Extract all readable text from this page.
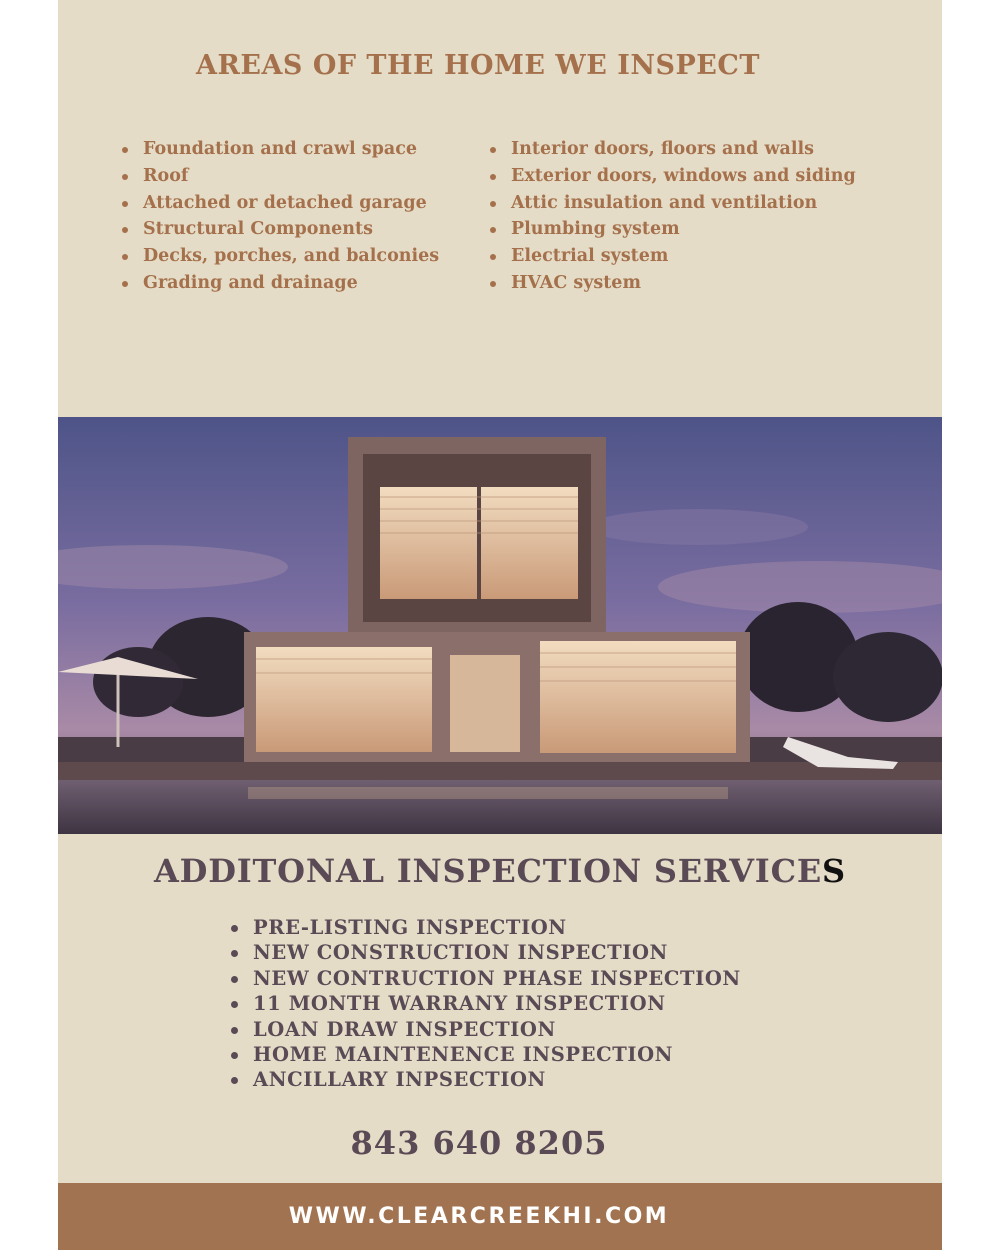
AREAS OF THE HOME WE INSPECT
Foundation and crawl space
Roof
Attached or detached garage
Structural Components
Decks, porches, and balconies
Grading and drainage
Interior doors, floors and walls
Exterior doors, windows and siding
Attic insulation and ventilation
Plumbing system
Electrial system
HVAC system
ADDITONAL INSPECTION SERVICES
PRE-LISTING INSPECTION
NEW CONSTRUCTION INSPECTION
NEW CONTRUCTION PHASE INSPECTION
11 MONTH WARRANY INSPECTION
LOAN DRAW INSPECTION
HOME MAINTENENCE INSPECTION
ANCILLARY INPSECTION

843 640 8205

WWW.CLEARCREEKHI.COM
